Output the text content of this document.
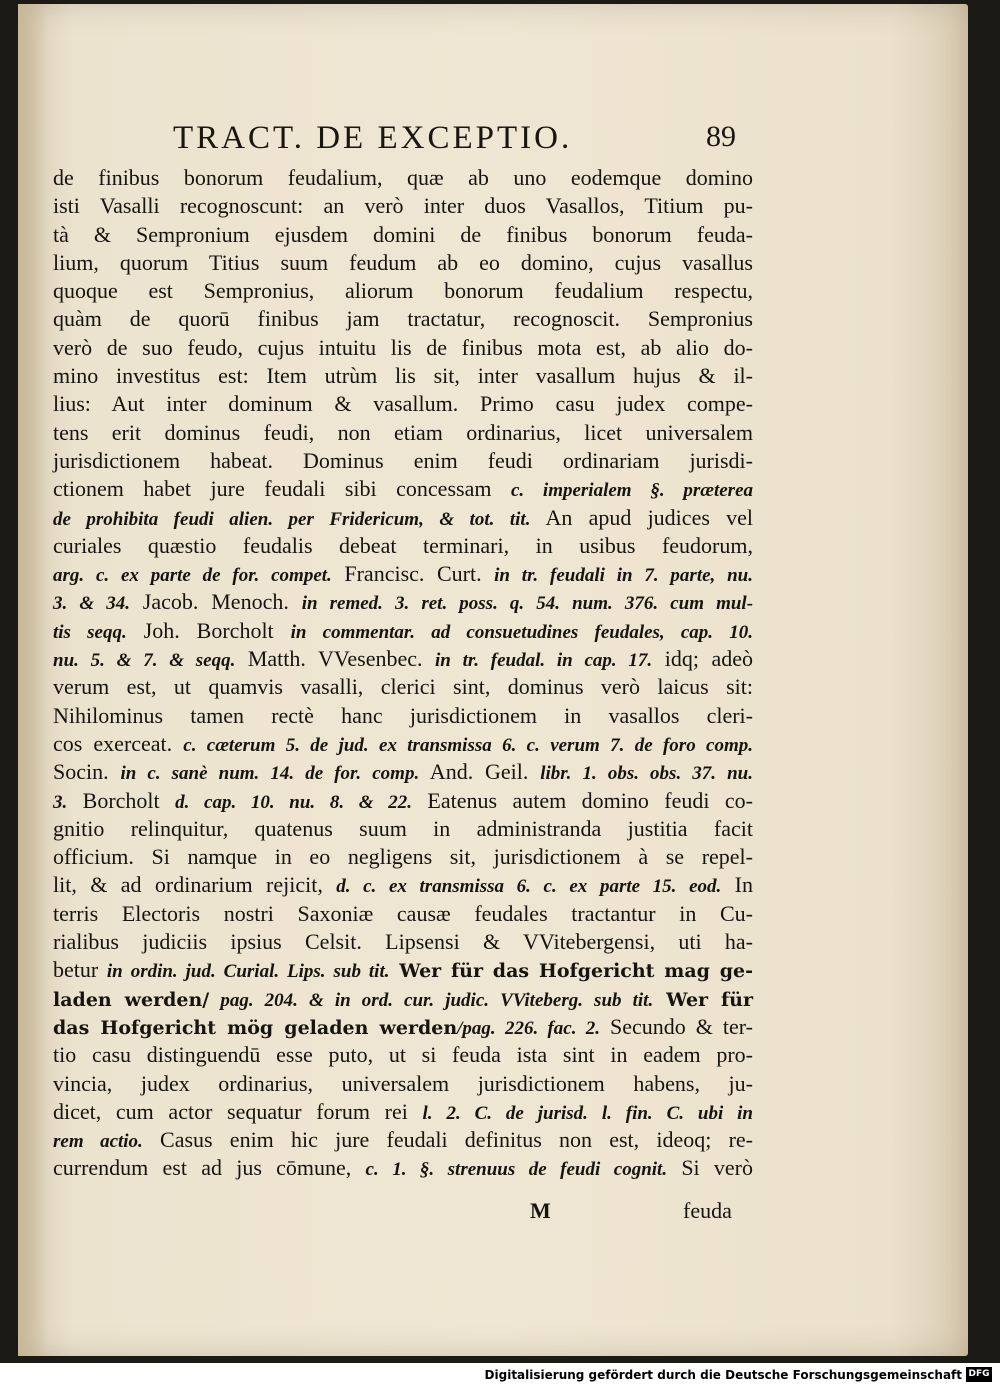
TRACT. DE EXCEPTIO.	89
de finibus bonorum feudalium, quæ ab uno eodemque domino
isti Vasalli recognoscunt: an verò inter duos Vasallos, Titium pu-
tà & Sempronium ejusdem domini de finibus bonorum feuda-
lium, quorum Titius suum feudum ab eo domino, cujus vasallus
quoque est Sempronius, aliorum bonorum feudalium respectu,
quàm de quorū finibus jam tractatur, recognoscit. Sempronius
verò de suo feudo, cujus intuitu lis de finibus mota est, ab alio do-
mino investitus est: Item utrùm lis sit, inter vasallum hujus & il-
lius: Aut inter dominum & vasallum. Primo casu judex compe-
tens erit dominus feudi, non etiam ordinarius, licet universalem
jurisdictionem habeat. Dominus enim feudi ordinariam jurisdi-
ctionem habet jure feudali sibi concessam c. imperialem §. præterea
de prohibita feudi alien. per Fridericum, & tot. tit. An apud judices vel
curiales quæstio feudalis debeat terminari, in usibus feudorum,
arg. c. ex parte de for. compet. Francisc. Curt. in tr. feudali in 7. parte, nu.
3. & 34. Jacob. Menoch. in remed. 3. ret. poss. q. 54. num. 376. cum mul-
tis seqq. Joh. Borcholt in commentar. ad consuetudines feudales, cap. 10.
nu. 5. & 7. & seqq. Matth. VVesenbec. in tr. feudal. in cap. 17. idq; adeò
verum est, ut quamvis vasalli, clerici sint, dominus verò laicus sit:
Nihilominus tamen rectè hanc jurisdictionem in vasallos cleri-
cos exerceat. c. cæterum 5. de jud. ex transmissa 6. c. verum 7. de foro comp.
Socin. in c. sanè num. 14. de for. comp. And. Geil. libr. 1. obs. obs. 37. nu.
3. Borcholt d. cap. 10. nu. 8. & 22. Eatenus autem domino feudi co-
gnitio relinquitur, quatenus suum in administranda justitia facit
officium. Si namque in eo negligens sit, jurisdictionem à se repel-
lit, & ad ordinarium rejicit, d. c. ex transmissa 6. c. ex parte 15. eod. In
terris Electoris nostri Saxoniæ causæ feudales tractantur in Cu-
rialibus judiciis ipsius Celsit. Lipsensi & VVitebergensi, uti ha-
betur in ordin. jud. Curial. Lips. sub tit. Wer für das Hofgericht mag ge-
laden werden/ pag. 204. & in ord. cur. judic. VViteberg. sub tit. Wer für
das Hofgericht mög geladen werden/pag. 226. fac. 2. Secundo & ter-
tio casu distinguendū esse puto, ut si feuda ista sint in eadem pro-
vincia, judex ordinarius, universalem jurisdictionem habens, ju-
dicet, cum actor sequatur forum rei l. 2. C. de jurisd. l. fin. C. ubi in
rem actio. Casus enim hic jure feudali definitus non est, ideoq; re-
currendum est ad jus cōmune, c. 1. §. strenuus de feudi cognit. Si verò
M	feuda
Digitalisierung gefördert durch die Deutsche Forschungsgemeinschaft DFG
